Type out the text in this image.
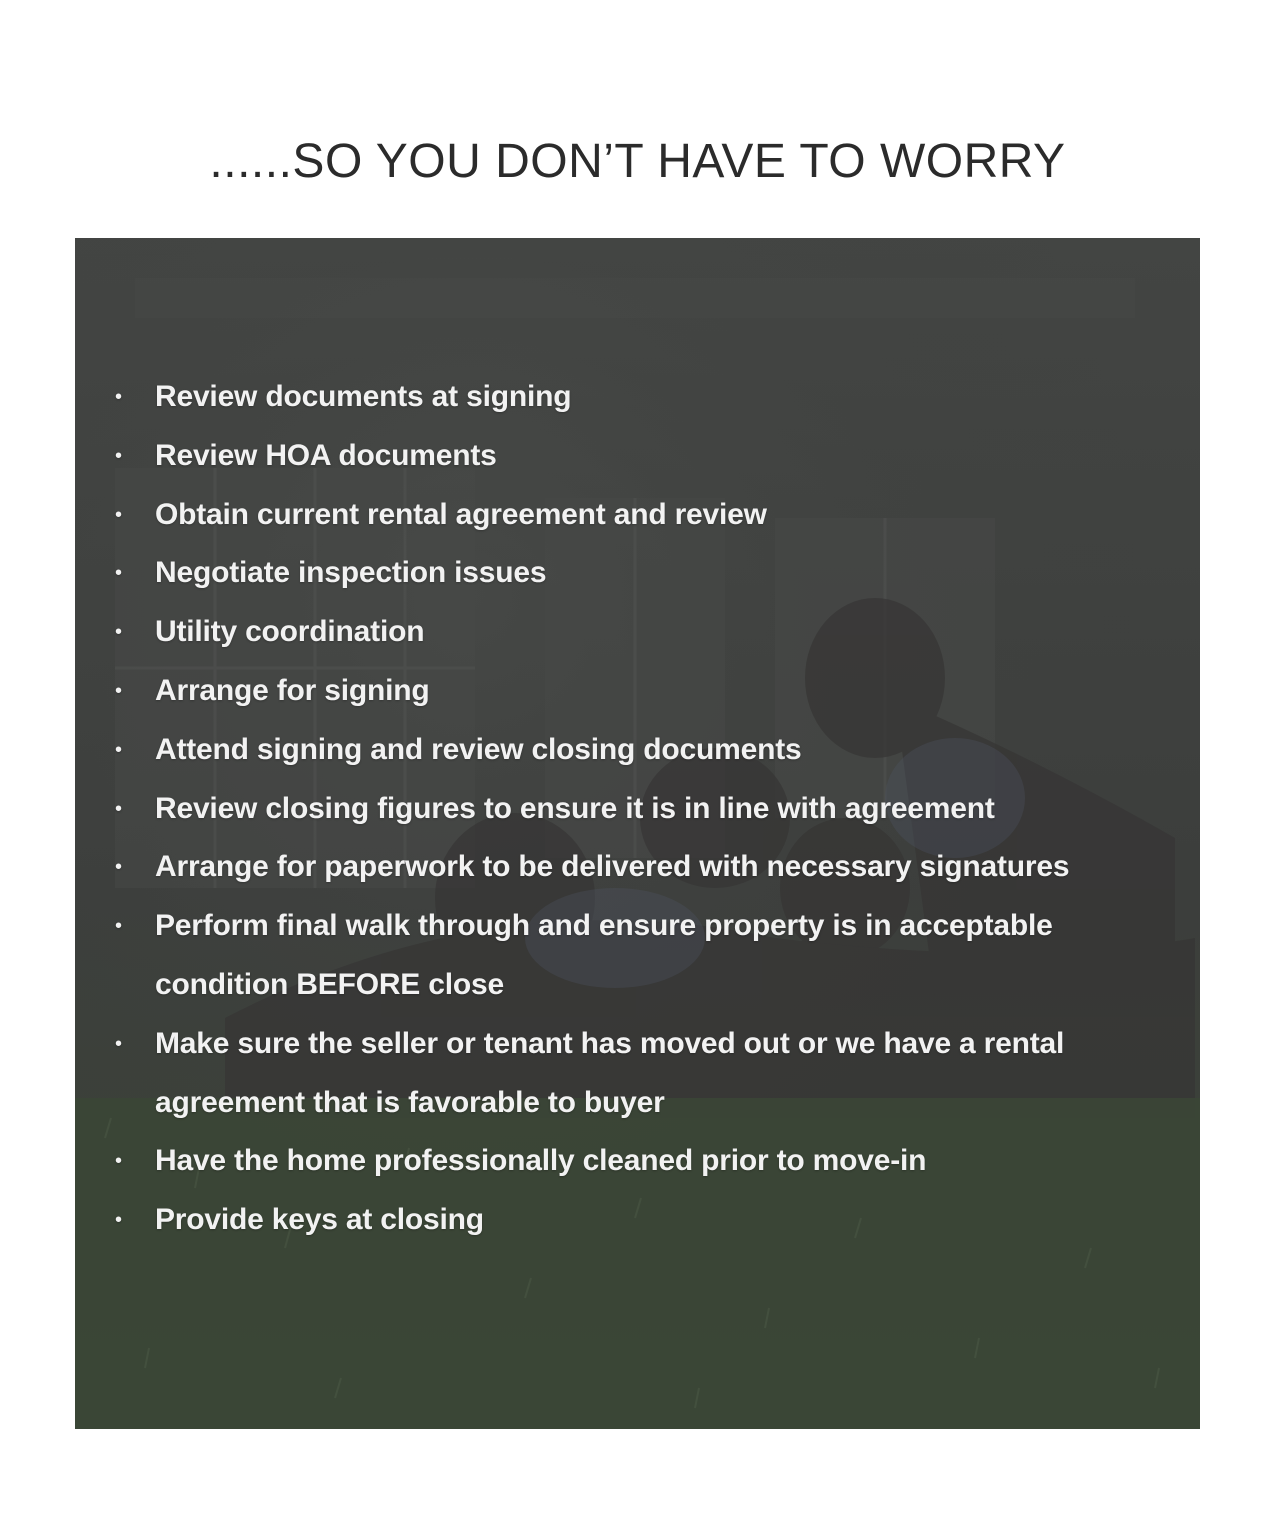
......SO YOU DON’T HAVE TO WORRY
• Review documents at signing
• Review HOA documents
• Obtain current rental agreement and review
• Negotiate inspection issues
• Utility coordination
• Arrange for signing
• Attend signing and review closing documents
• Review closing figures to ensure it is in line with agreement
• Arrange for paperwork to be delivered with necessary signatures
• Perform final walk through and ensure property is in acceptable condition BEFORE close
• Make sure the seller or tenant has moved out or we have a rental agreement that is favorable to buyer
• Have the home professionally cleaned prior to move-in
• Provide keys at closing
